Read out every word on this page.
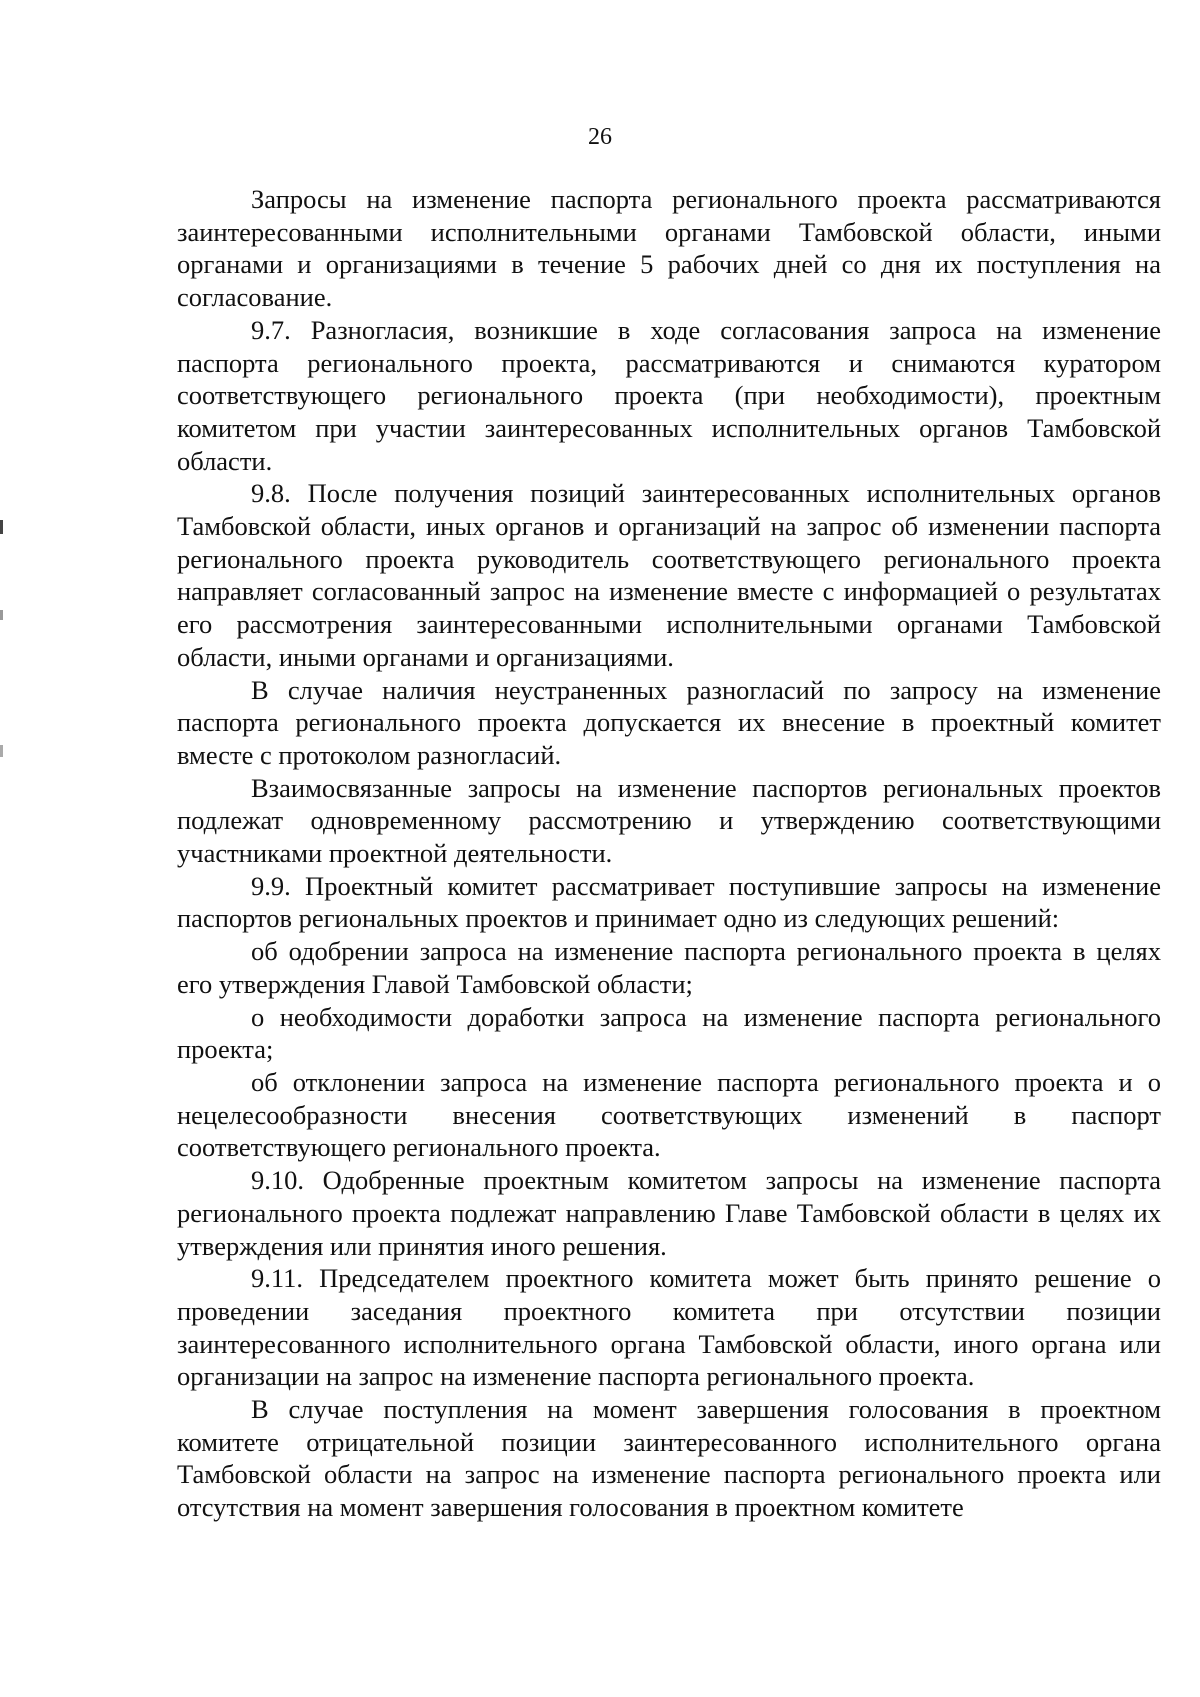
26

Запросы на изменение паспорта регионального проекта рассматриваются заинтересованными исполнительными органами Тамбовской области, иными органами и организациями в течение 5 рабочих дней со дня их поступления на согласование.

9.7. Разногласия, возникшие в ходе согласования запроса на изменение паспорта регионального проекта, рассматриваются и снимаются куратором соответствующего регионального проекта (при необходимости), проектным комитетом при участии заинтересованных исполнительных органов Тамбовской области.

9.8. После получения позиций заинтересованных исполнительных органов Тамбовской области, иных органов и организаций на запрос об изменении паспорта регионального проекта руководитель соответствующего регионального проекта направляет согласованный запрос на изменение вместе с информацией о результатах его рассмотрения заинтересованными исполнительными органами Тамбовской области, иными органами и организациями.

В случае наличия неустраненных разногласий по запросу на изменение паспорта регионального проекта допускается их внесение в проектный комитет вместе с протоколом разногласий.

Взаимосвязанные запросы на изменение паспортов региональных проектов подлежат одновременному рассмотрению и утверждению соответствующими участниками проектной деятельности.

9.9. Проектный комитет рассматривает поступившие запросы на изменение паспортов региональных проектов и принимает одно из следующих решений:

об одобрении запроса на изменение паспорта регионального проекта в целях его утверждения Главой Тамбовской области;

о необходимости доработки запроса на изменение паспорта регионального проекта;

об отклонении запроса на изменение паспорта регионального проекта и о нецелесообразности внесения соответствующих изменений в паспорт соответствующего регионального проекта.

9.10. Одобренные проектным комитетом запросы на изменение паспорта регионального проекта подлежат направлению Главе Тамбовской области в целях их утверждения или принятия иного решения.

9.11. Председателем проектного комитета может быть принято решение о проведении заседания проектного комитета при отсутствии позиции заинтересованного исполнительного органа Тамбовской области, иного органа или организации на запрос на изменение паспорта регионального проекта.

В случае поступления на момент завершения голосования в проектном комитете отрицательной позиции заинтересованного исполнительного органа Тамбовской области на запрос на изменение паспорта регионального проекта или отсутствия на момент завершения голосования в проектном комитете
